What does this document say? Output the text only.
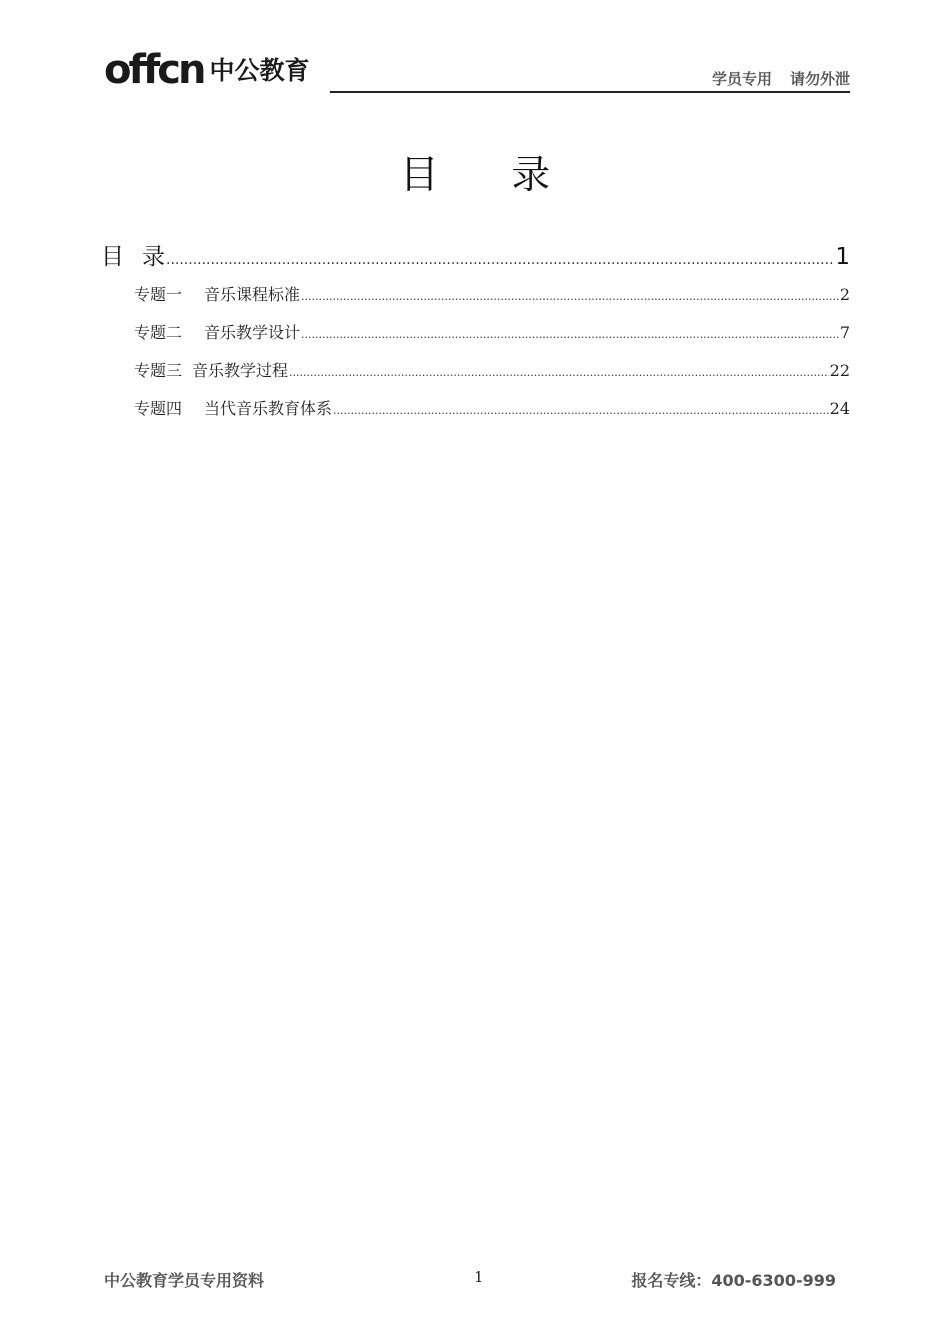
offcn 中公教育	学员专用 请勿外泄
目 录
目 录 .....	1
专题一 音乐课程标准 .....	2
专题二 音乐教学设计 .....	7
专题三 音乐教学过程 .....	22
专题四 当代音乐教育体系 .....	24
中公教育学员专用资料	1	报名专线：400-6300-999
